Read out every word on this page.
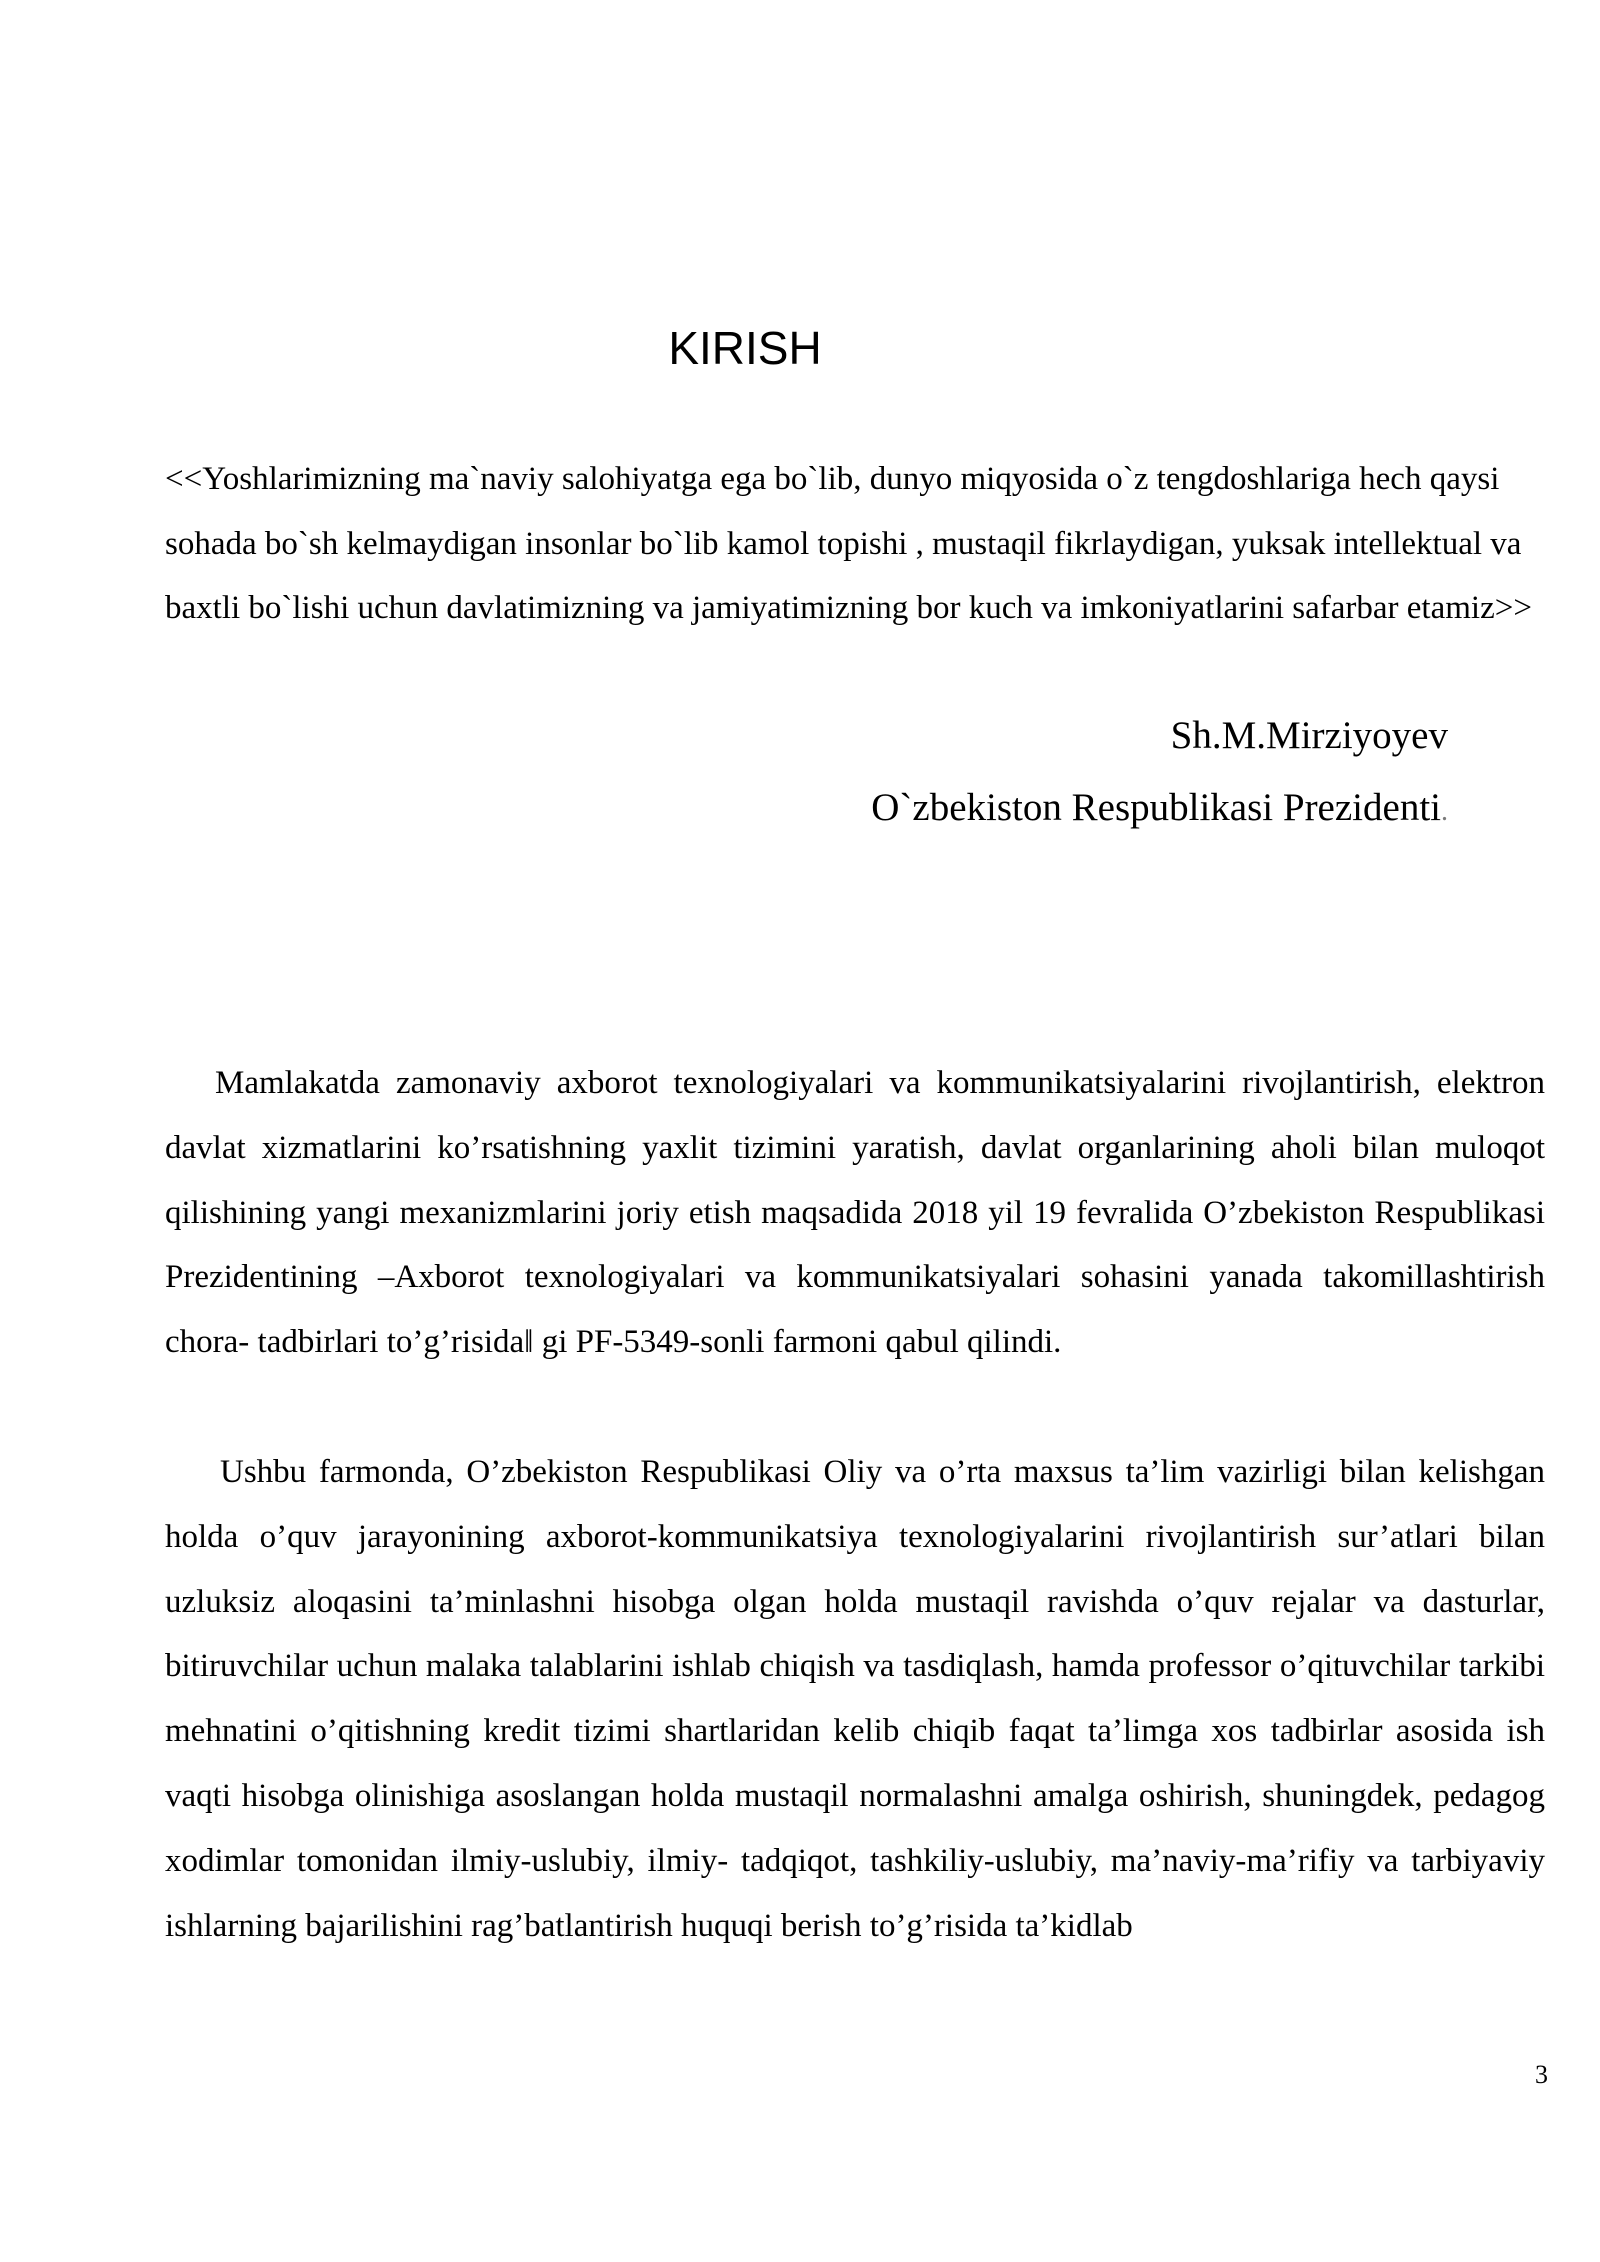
KIRISH

<<Yoshlarimizning ma`naviy salohiyatga ega bo`lib, dunyo miqyosida o`z tengdoshlariga hech qaysi sohada bo`sh kelmaydigan insonlar bo`lib kamol topishi , mustaqil fikrlaydigan, yuksak intellektual va baxtli bo`lishi uchun davlatimizning va jamiyatimizning bor kuch va imkoniyatlarini safarbar etamiz>>

Sh.M.Mirziyoyev
O`zbekiston Respublikasi Prezidenti.

Mamlakatda zamonaviy axborot texnologiyalari va kommunikatsiyalarini rivojlantirish, elektron davlat xizmatlarini ko’rsatishning yaxlit tizimini yaratish, davlat organlarining aholi bilan muloqot qilishining yangi mexanizmlarini joriy etish maqsadida 2018 yil 19 fevralida O’zbekiston Respublikasi Prezidentining –Axborot texnologiyalari va kommunikatsiyalari sohasini yanada takomillashtirish chora- tadbirlari to’g’risida‖ gi PF-5349-sonli farmoni qabul qilindi.

Ushbu farmonda, O’zbekiston Respublikasi Oliy va o’rta maxsus ta’lim vazirligi bilan kelishgan holda o’quv jarayonining axborot-kommunikatsiya texnologiyalarini rivojlantirish sur’atlari bilan uzluksiz aloqasini ta’minlashni hisobga olgan holda mustaqil ravishda o’quv rejalar va dasturlar, bitiruvchilar uchun malaka talablarini ishlab chiqish va tasdiqlash, hamda professor o’qituvchilar tarkibi mehnatini o’qitishning kredit tizimi shartlaridan kelib chiqib faqat ta’limga xos tadbirlar asosida ish vaqti hisobga olinishiga asoslangan holda mustaqil normalashni amalga oshirish, shuningdek, pedagog xodimlar tomonidan ilmiy-uslubiy, ilmiy- tadqiqot, tashkiliy-uslubiy, ma’naviy-ma’rifiy va tarbiyaviy ishlarning bajarilishini rag’batlantirish huquqi berish to’g’risida ta’kidlab

3
